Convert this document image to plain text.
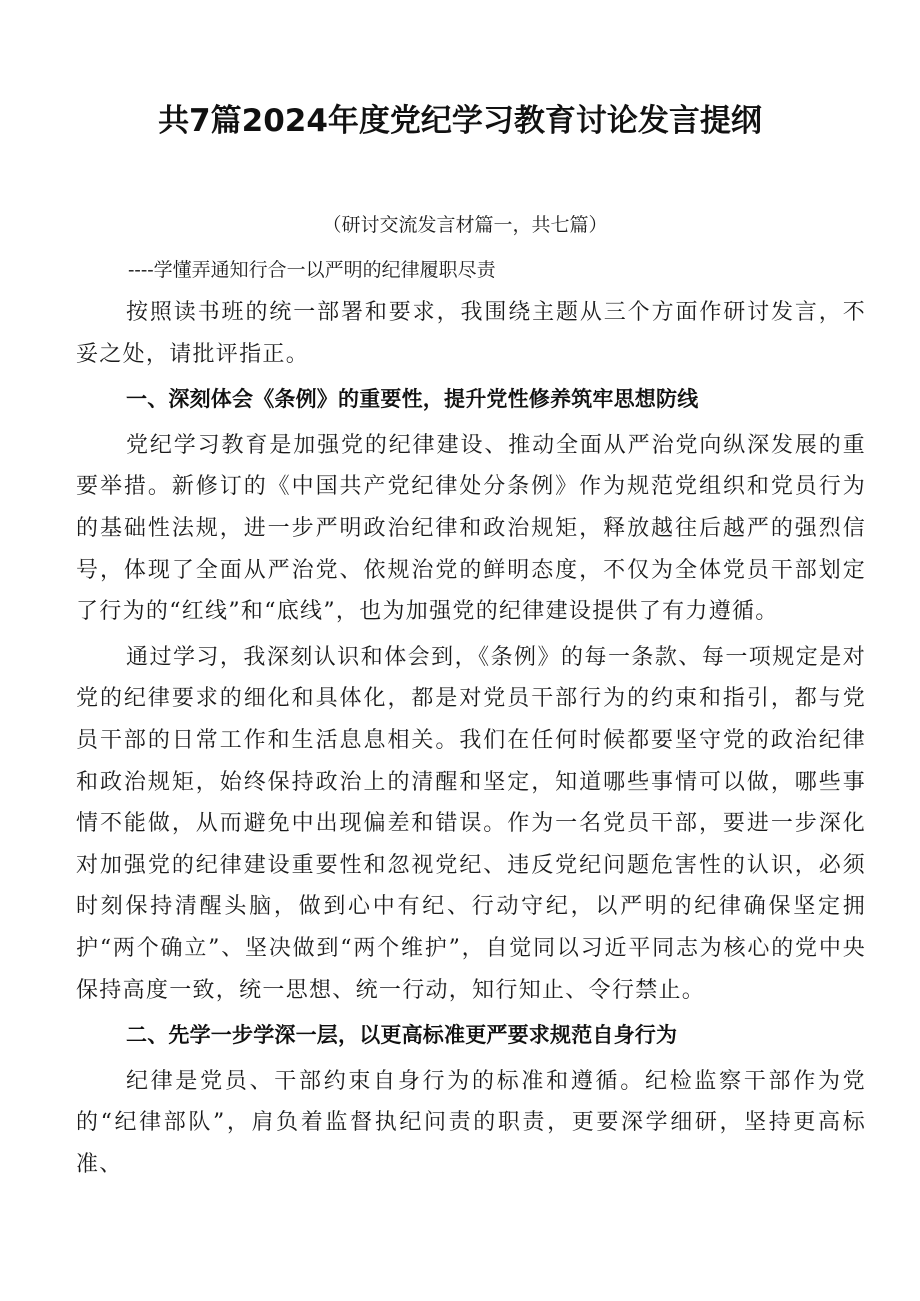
共7篇2024年度党纪学习教育讨论发言提纲

（研讨交流发言材篇一，共七篇）

----学懂弄通知行合一以严明的纪律履职尽责

按照读书班的统一部署和要求，我围绕主题从三个方面作研讨发言，不妥之处，请批评指正。

一、深刻体会《条例》的重要性，提升党性修养筑牢思想防线

党纪学习教育是加强党的纪律建设、推动全面从严治党向纵深发展的重要举措。新修订的《中国共产党纪律处分条例》作为规范党组织和党员行为的基础性法规，进一步严明政治纪律和政治规矩，释放越往后越严的强烈信号，体现了全面从严治党、依规治党的鲜明态度，不仅为全体党员干部划定了行为的“红线”和“底线”，也为加强党的纪律建设提供了有力遵循。

通过学习，我深刻认识和体会到，《条例》的每一条款、每一项规定是对党的纪律要求的细化和具体化，都是对党员干部行为的约束和指引，都与党员干部的日常工作和生活息息相关。我们在任何时候都要坚守党的政治纪律和政治规矩，始终保持政治上的清醒和坚定，知道哪些事情可以做，哪些事情不能做，从而避免中出现偏差和错误。作为一名党员干部，要进一步深化对加强党的纪律建设重要性和忽视党纪、违反党纪问题危害性的认识，必须时刻保持清醒头脑，做到心中有纪、行动守纪，以严明的纪律确保坚定拥护“两个确立”、坚决做到“两个维护”，自觉同以习近平同志为核心的党中央保持高度一致，统一思想、统一行动，知行知止、令行禁止。

二、先学一步学深一层，以更高标准更严要求规范自身行为

纪律是党员、干部约束自身行为的标准和遵循。纪检监察干部作为党的“纪律部队”，肩负着监督执纪问责的职责，更要深学细研，坚持更高标准、
